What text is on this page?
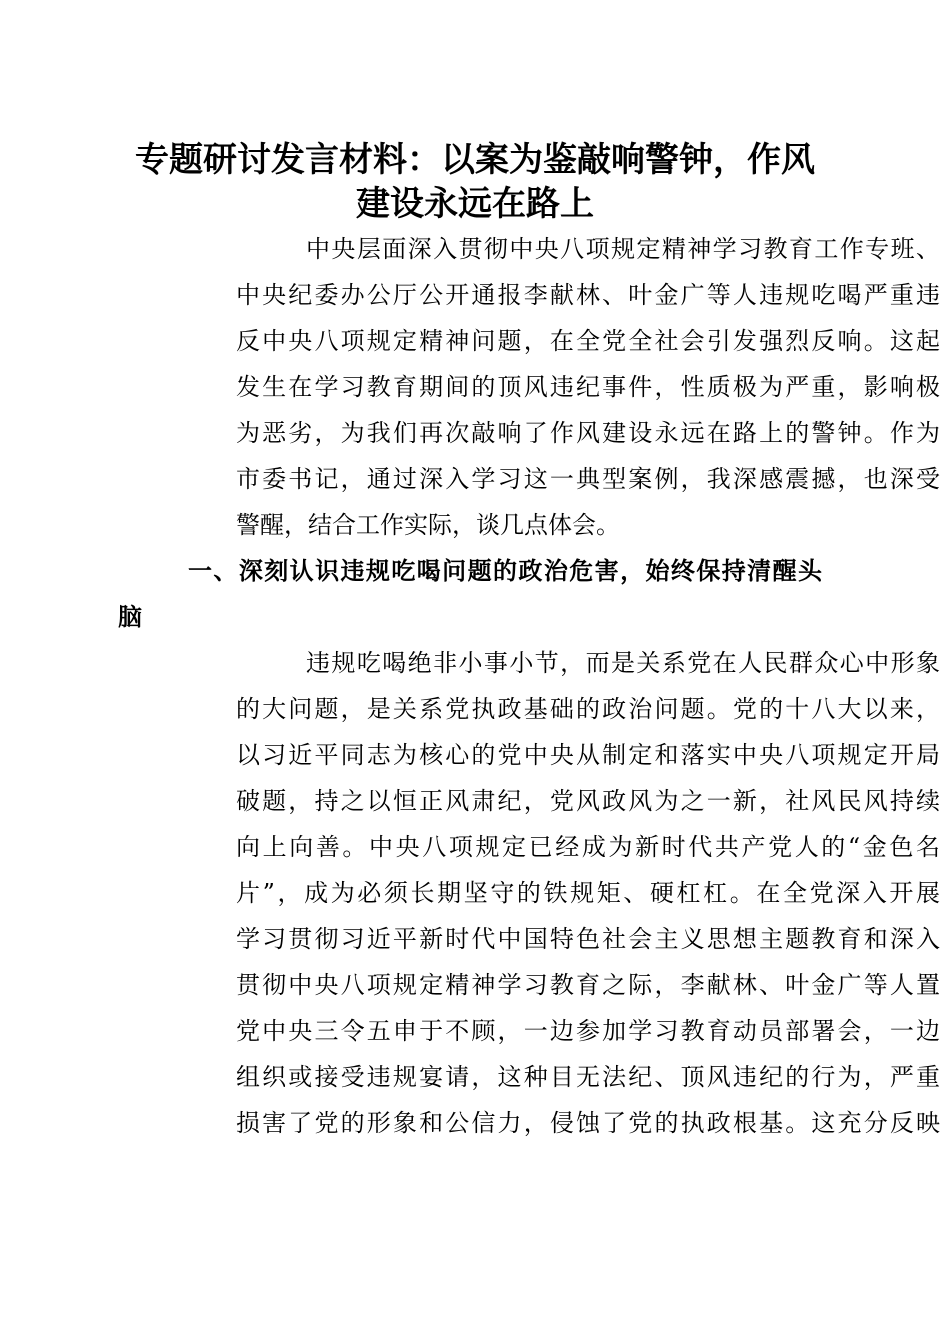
专题研讨发言材料：以案为鉴敲响警钟，作风
建设永远在路上
中央层面深入贯彻中央八项规定精神学习教育工作专班、
中央纪委办公厅公开通报李献林、叶金广等人违规吃喝严重违
反中央八项规定精神问题，在全党全社会引发强烈反响。这起
发生在学习教育期间的顶风违纪事件，性质极为严重，影响极
为恶劣，为我们再次敲响了作风建设永远在路上的警钟。作为
市委书记，通过深入学习这一典型案例，我深感震撼，也深受
警醒，结合工作实际，谈几点体会。
一、深刻认识违规吃喝问题的政治危害，始终保持清醒头
脑
违规吃喝绝非小事小节，而是关系党在人民群众心中形象
的大问题，是关系党执政基础的政治问题。党的十八大以来，
以习近平同志为核心的党中央从制定和落实中央八项规定开局
破题，持之以恒正风肃纪，党风政风为之一新，社风民风持续
向上向善。中央八项规定已经成为新时代共产党人的“金色名
片”，成为必须长期坚守的铁规矩、硬杠杠。在全党深入开展
学习贯彻习近平新时代中国特色社会主义思想主题教育和深入
贯彻中央八项规定精神学习教育之际，李献林、叶金广等人置
党中央三令五申于不顾，一边参加学习教育动员部署会，一边
组织或接受违规宴请，这种目无法纪、顶风违纪的行为，严重
损害了党的形象和公信力，侵蚀了党的执政根基。这充分反映
